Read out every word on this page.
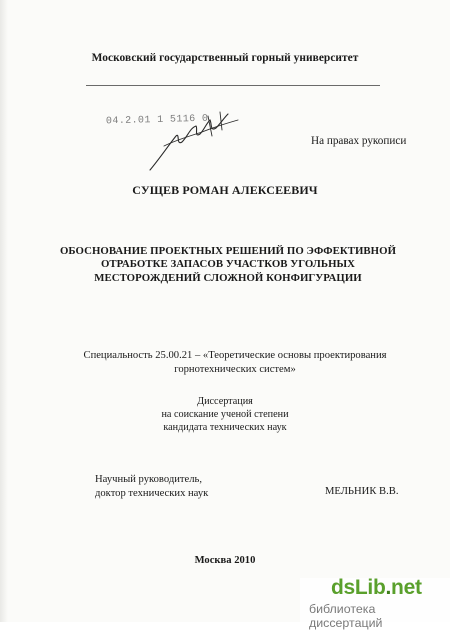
Московский государственный горный университет
04.2.01 1 5116 0
На правах рукописи
СУЩЕВ РОМАН АЛЕКСЕЕВИЧ
ОБОСНОВАНИЕ ПРОЕКТНЫХ РЕШЕНИЙ ПО ЭФФЕКТИВНОЙ
ОТРАБОТКЕ ЗАПАСОВ УЧАСТКОВ УГОЛЬНЫХ
МЕСТОРОЖДЕНИЙ СЛОЖНОЙ КОНФИГУРАЦИИ
Специальность 25.00.21 – «Теоретические основы проектирования
горнотехнических систем»
Диссертация
на соискание ученой степени
кандидата технических наук
Научный руководитель,
доктор технических наук	МЕЛЬНИК В.В.
Москва 2010
dsLib.net
библиотека диссертаций
